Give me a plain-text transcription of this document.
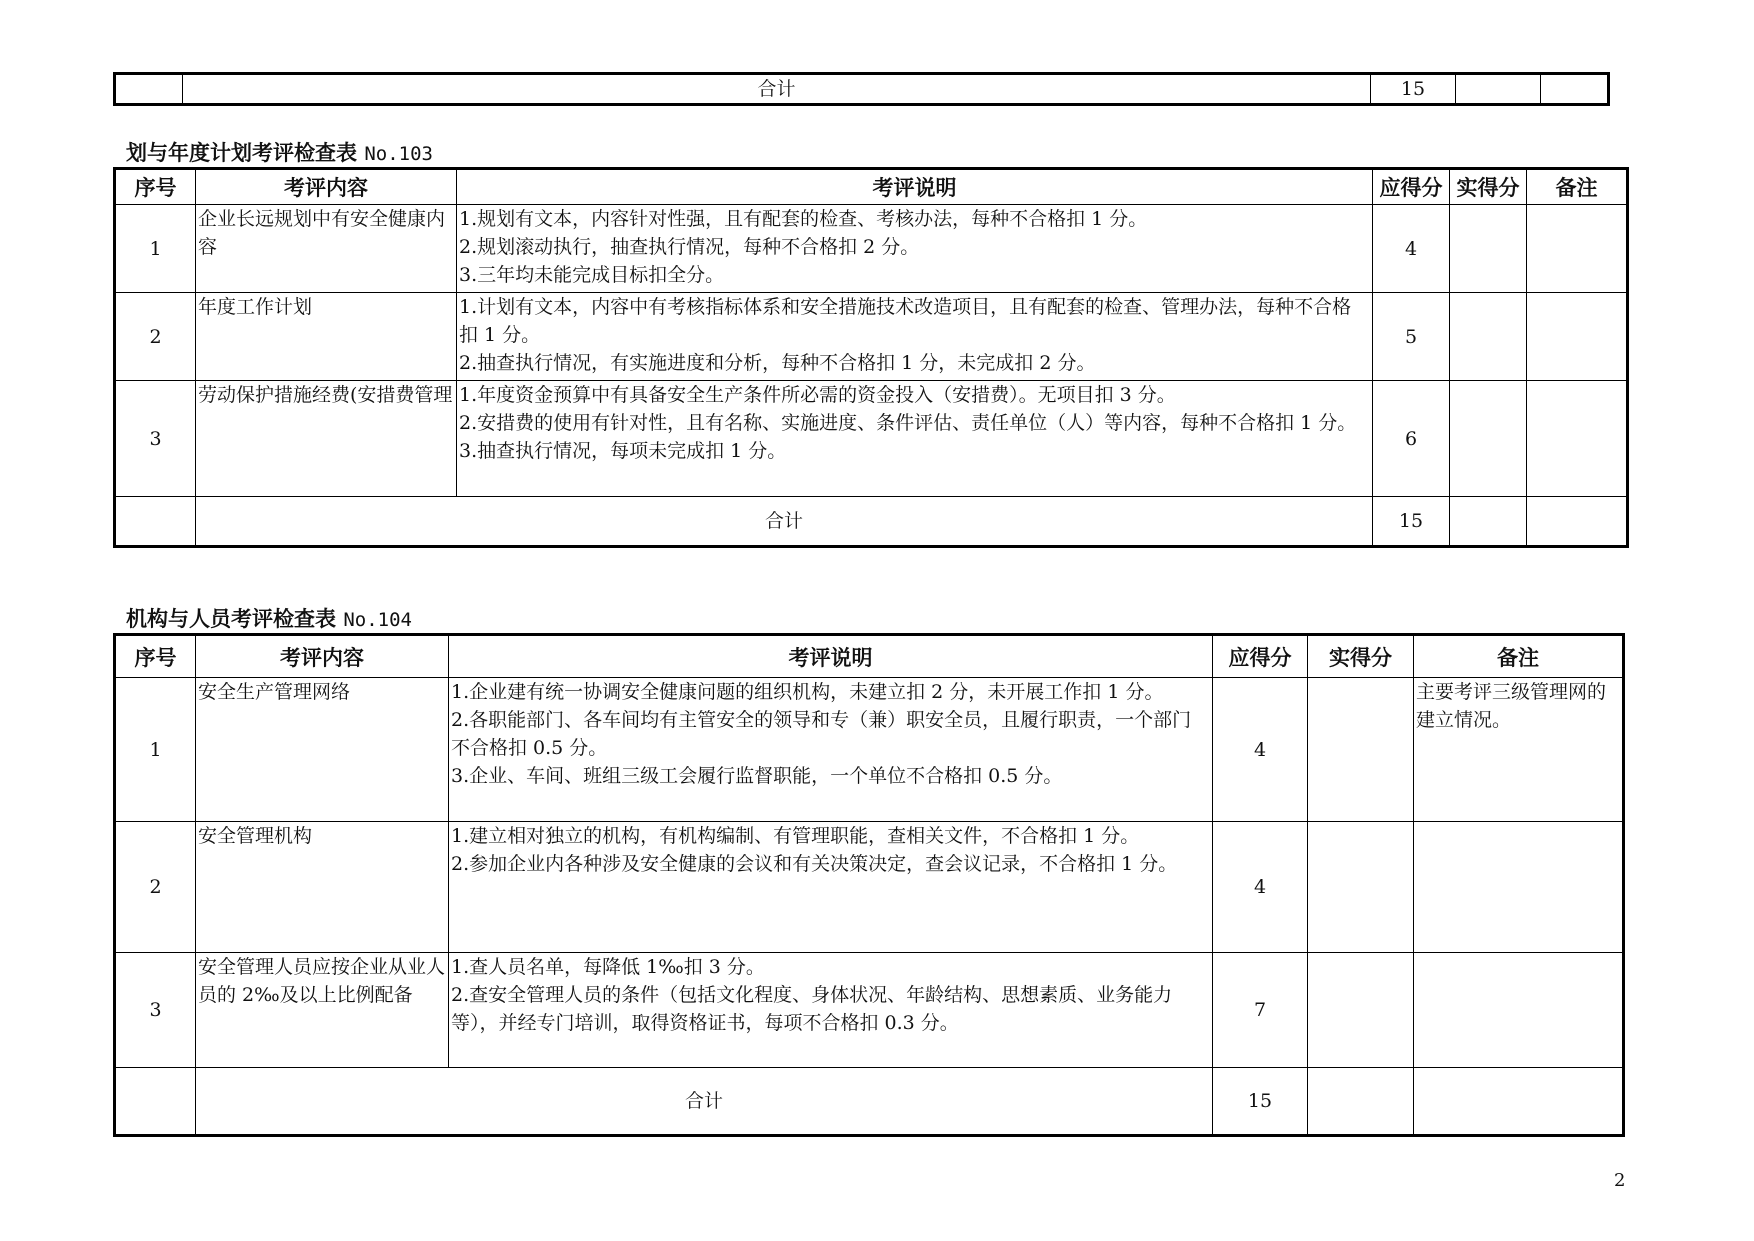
	合计	15		
划与年度计划考评检查表 No.103
序号	考评内容	考评说明	应得分	实得分	备注
1	企业长远规划中有安全健康内容	1.规划有文本，内容针对性强，且有配套的检查、考核办法，每种不合格扣 1 分。
2.规划滚动执行，抽查执行情况，每种不合格扣 2 分。
3.三年均未能完成目标扣全分。	4		
2	年度工作计划	1.计划有文本，内容中有考核指标体系和安全措施技术改造项目，且有配套的检查、管理办法，每种不合格扣 1 分。
2.抽查执行情况，有实施进度和分析，每种不合格扣 1 分，未完成扣 2 分。	5		
3	劳动保护措施经费(安措费管理	1.年度资金预算中有具备安全生产条件所必需的资金投入（安措费）。无项目扣 3 分。
2.安措费的使用有针对性，且有名称、实施进度、条件评估、责任单位（人）等内容，每种不合格扣 1 分。
3.抽查执行情况，每项未完成扣 1 分。	6		
	合计		15		
机构与人员考评检查表 No.104
序号	考评内容	考评说明	应得分	实得分	备注
1	安全生产管理网络	1.企业建有统一协调安全健康问题的组织机构，未建立扣 2 分，未开展工作扣 1 分。
2.各职能部门、各车间均有主管安全的领导和专（兼）职安全员，且履行职责，一个部门不合格扣 0.5 分。
3.企业、车间、班组三级工会履行监督职能，一个单位不合格扣 0.5 分。	4		主要考评三级管理网的建立情况。
2	安全管理机构	1.建立相对独立的机构，有机构编制、有管理职能，查相关文件，不合格扣 1 分。
2.参加企业内各种涉及安全健康的会议和有关决策决定，查会议记录，不合格扣 1 分。	4		
3	安全管理人员应按企业从业人员的 2‰及以上比例配备	1.查人员名单，每降低 1‰扣 3 分。
2.查安全管理人员的条件（包括文化程度、身体状况、年龄结构、思想素质、业务能力等），并经专门培训，取得资格证书，每项不合格扣 0.3 分。	7		
	合计		15		
2
